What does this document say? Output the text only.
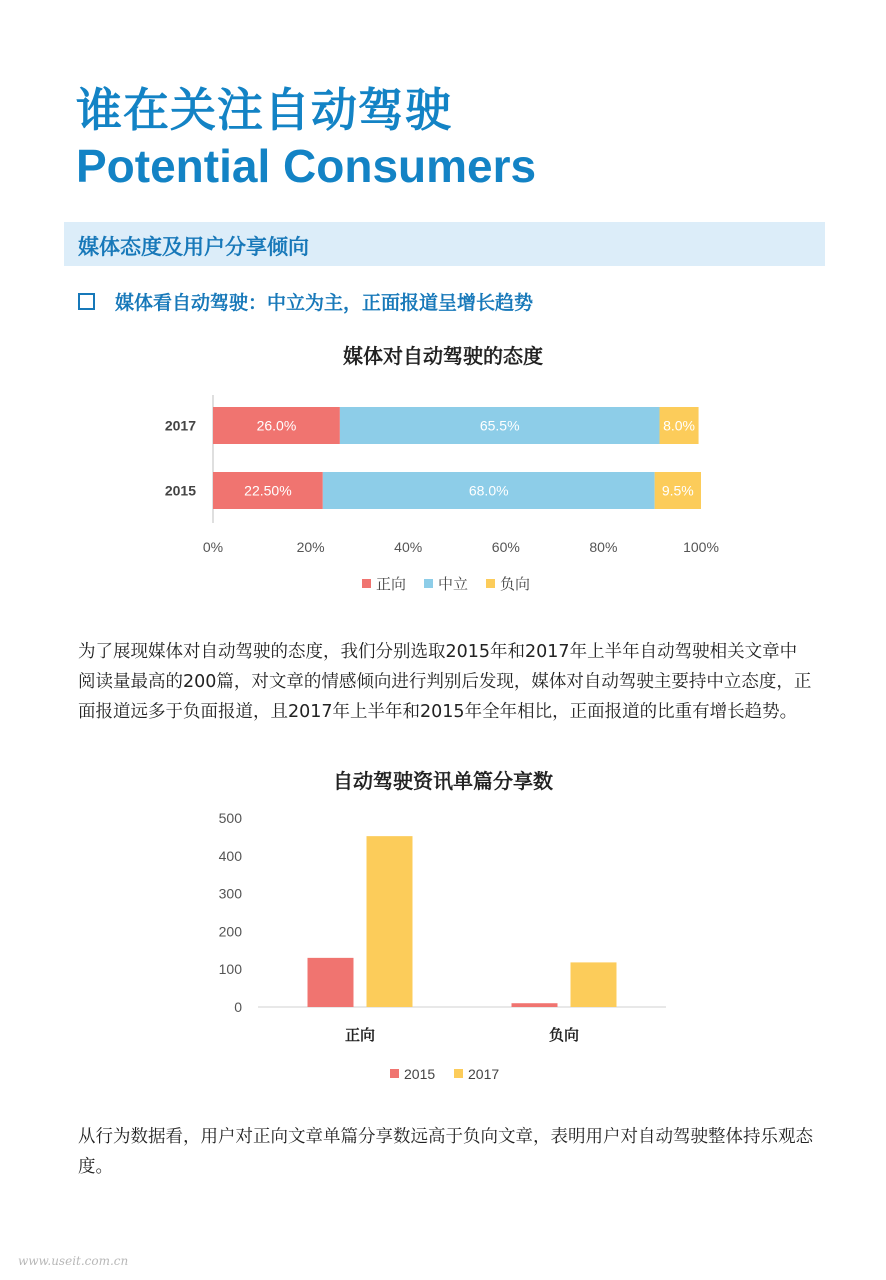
谁在关注自动驾驶
Potential Consumers
媒体态度及用户分享倾向
媒体看自动驾驶：中立为主，正面报道呈增长趋势
媒体对自动驾驶的态度
2017	26.0%	65.5%	8.0%
2015	22.50%	68.0%	9.5%
0%	20%	40%	60%	80%	100%
正向 中立 负向

为了展现媒体对自动驾驶的态度，我们分别选取2015年和2017年上半年自动驾驶相关文章中阅读量最高的200篇，对文章的情感倾向进行判别后发现，媒体对自动驾驶主要持中立态度，正面报道远多于负面报道，且2017年上半年和2015年全年相比，正面报道的比重有增长趋势。

自动驾驶资讯单篇分享数
0
100
200
300
400
500
正向	负向
2015 2017

从行为数据看，用户对正向文章单篇分享数远高于负向文章，表明用户对自动驾驶整体持乐观态度。

www.useit.com.cn
